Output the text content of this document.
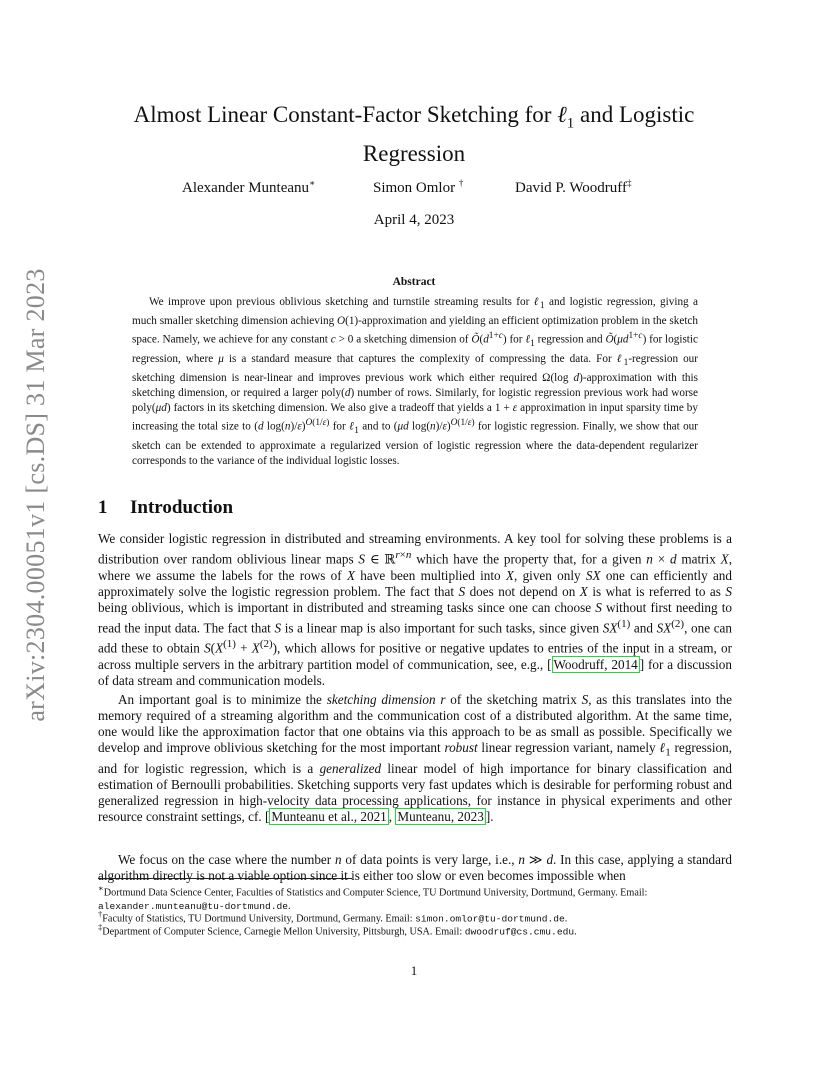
arXiv:2304.00051v1 [cs.DS] 31 Mar 2023
Almost Linear Constant-Factor Sketching for ℓ$_1$ and Logistic
Regression
Alexander Munteanu∗	Simon Omlor †	David P. Woodruff‡
April 4, 2023
Abstract
We improve upon previous oblivious sketching and turnstile streaming results for ℓ$_1$ and logistic regression, giving a much smaller sketching dimension achieving O(1)-approximation and yielding an efficient optimization problem in the sketch space. Namely, we achieve for any constant c > 0 a sketching dimension of $Õ(d^{1+c})$ for ℓ$_1$ regression and $Õ(\mu d^{1+c})$ for logistic regression, where μ is a standard measure that captures the complexity of compressing the data. For ℓ$_1$-regression our sketching dimension is near-linear and improves previous work which either required Ω(log d)-approximation with this sketching dimension, or required a larger poly(d) number of rows. Similarly, for logistic regression previous work had worse poly(μd) factors in its sketching dimension. We also give a tradeoff that yields a 1 + ε approximation in input sparsity time by increasing the total size to (d log(n)/ε)$^{O(1/\varepsilon)}$ for ℓ$_1$ and to (μd log(n)/ε)$^{O(1/\varepsilon)}$ for logistic regression. Finally, we show that our sketch can be extended to approximate a regularized version of logistic regression where the data-dependent regularizer corresponds to the variance of the individual logistic losses.
1 Introduction
We consider logistic regression in distributed and streaming environments. A key tool for solving these problems is a distribution over random oblivious linear maps S ∈ ℝ$^{r\times n}$ which have the property that, for a given n × d matrix X, where we assume the labels for the rows of X have been multiplied into X, given only SX one can efficiently and approximately solve the logistic regression problem. The fact that S does not depend on X is what is referred to as S being oblivious, which is important in distributed and streaming tasks since one can choose S without first needing to read the input data. The fact that S is a linear map is also important for such tasks, since given SX$^{(1)}$ and SX$^{(2)}$, one can add these to obtain $S(X^{(1)} + X^{(2)})$, which allows for positive or negative updates to entries of the input in a stream, or across multiple servers in the arbitrary partition model of communication, see, e.g., [ Woodruff, 2014 ] for a discussion of data stream and communication models.
An important goal is to minimize the sketching dimension r of the sketching matrix S, as this translates into the memory required of a streaming algorithm and the communication cost of a distributed algorithm. At the same time, one would like the approximation factor that one obtains via this approach to be as small as possible. Specifically we develop and improve oblivious sketching for the most important robust linear regression variant, namely ℓ$_1$ regression, and for logistic regression, which is a generalized linear model of high importance for binary classification and estimation of Bernoulli probabilities. Sketching supports very fast updates which is desirable for performing robust and generalized regression in high-velocity data processing applications, for instance in physical experiments and other resource constraint settings, cf. [ Munteanu et al., 2021 , Munteanu, 2023 ].
We focus on the case where the number n of data points is very large, i.e., n ≫ d. In this case, applying a standard algorithm directly is not a viable option since it is either too slow or even becomes impossible when
∗Dortmund Data Science Center, Faculties of Statistics and Computer Science, TU Dortmund University, Dortmund, Germany. Email: alexander.munteanu@tu-dortmund.de.
†Faculty of Statistics, TU Dortmund University, Dortmund, Germany. Email: simon.omlor@tu-dortmund.de.
‡Department of Computer Science, Carnegie Mellon University, Pittsburgh, USA. Email: dwoodruf@cs.cmu.edu.
1
